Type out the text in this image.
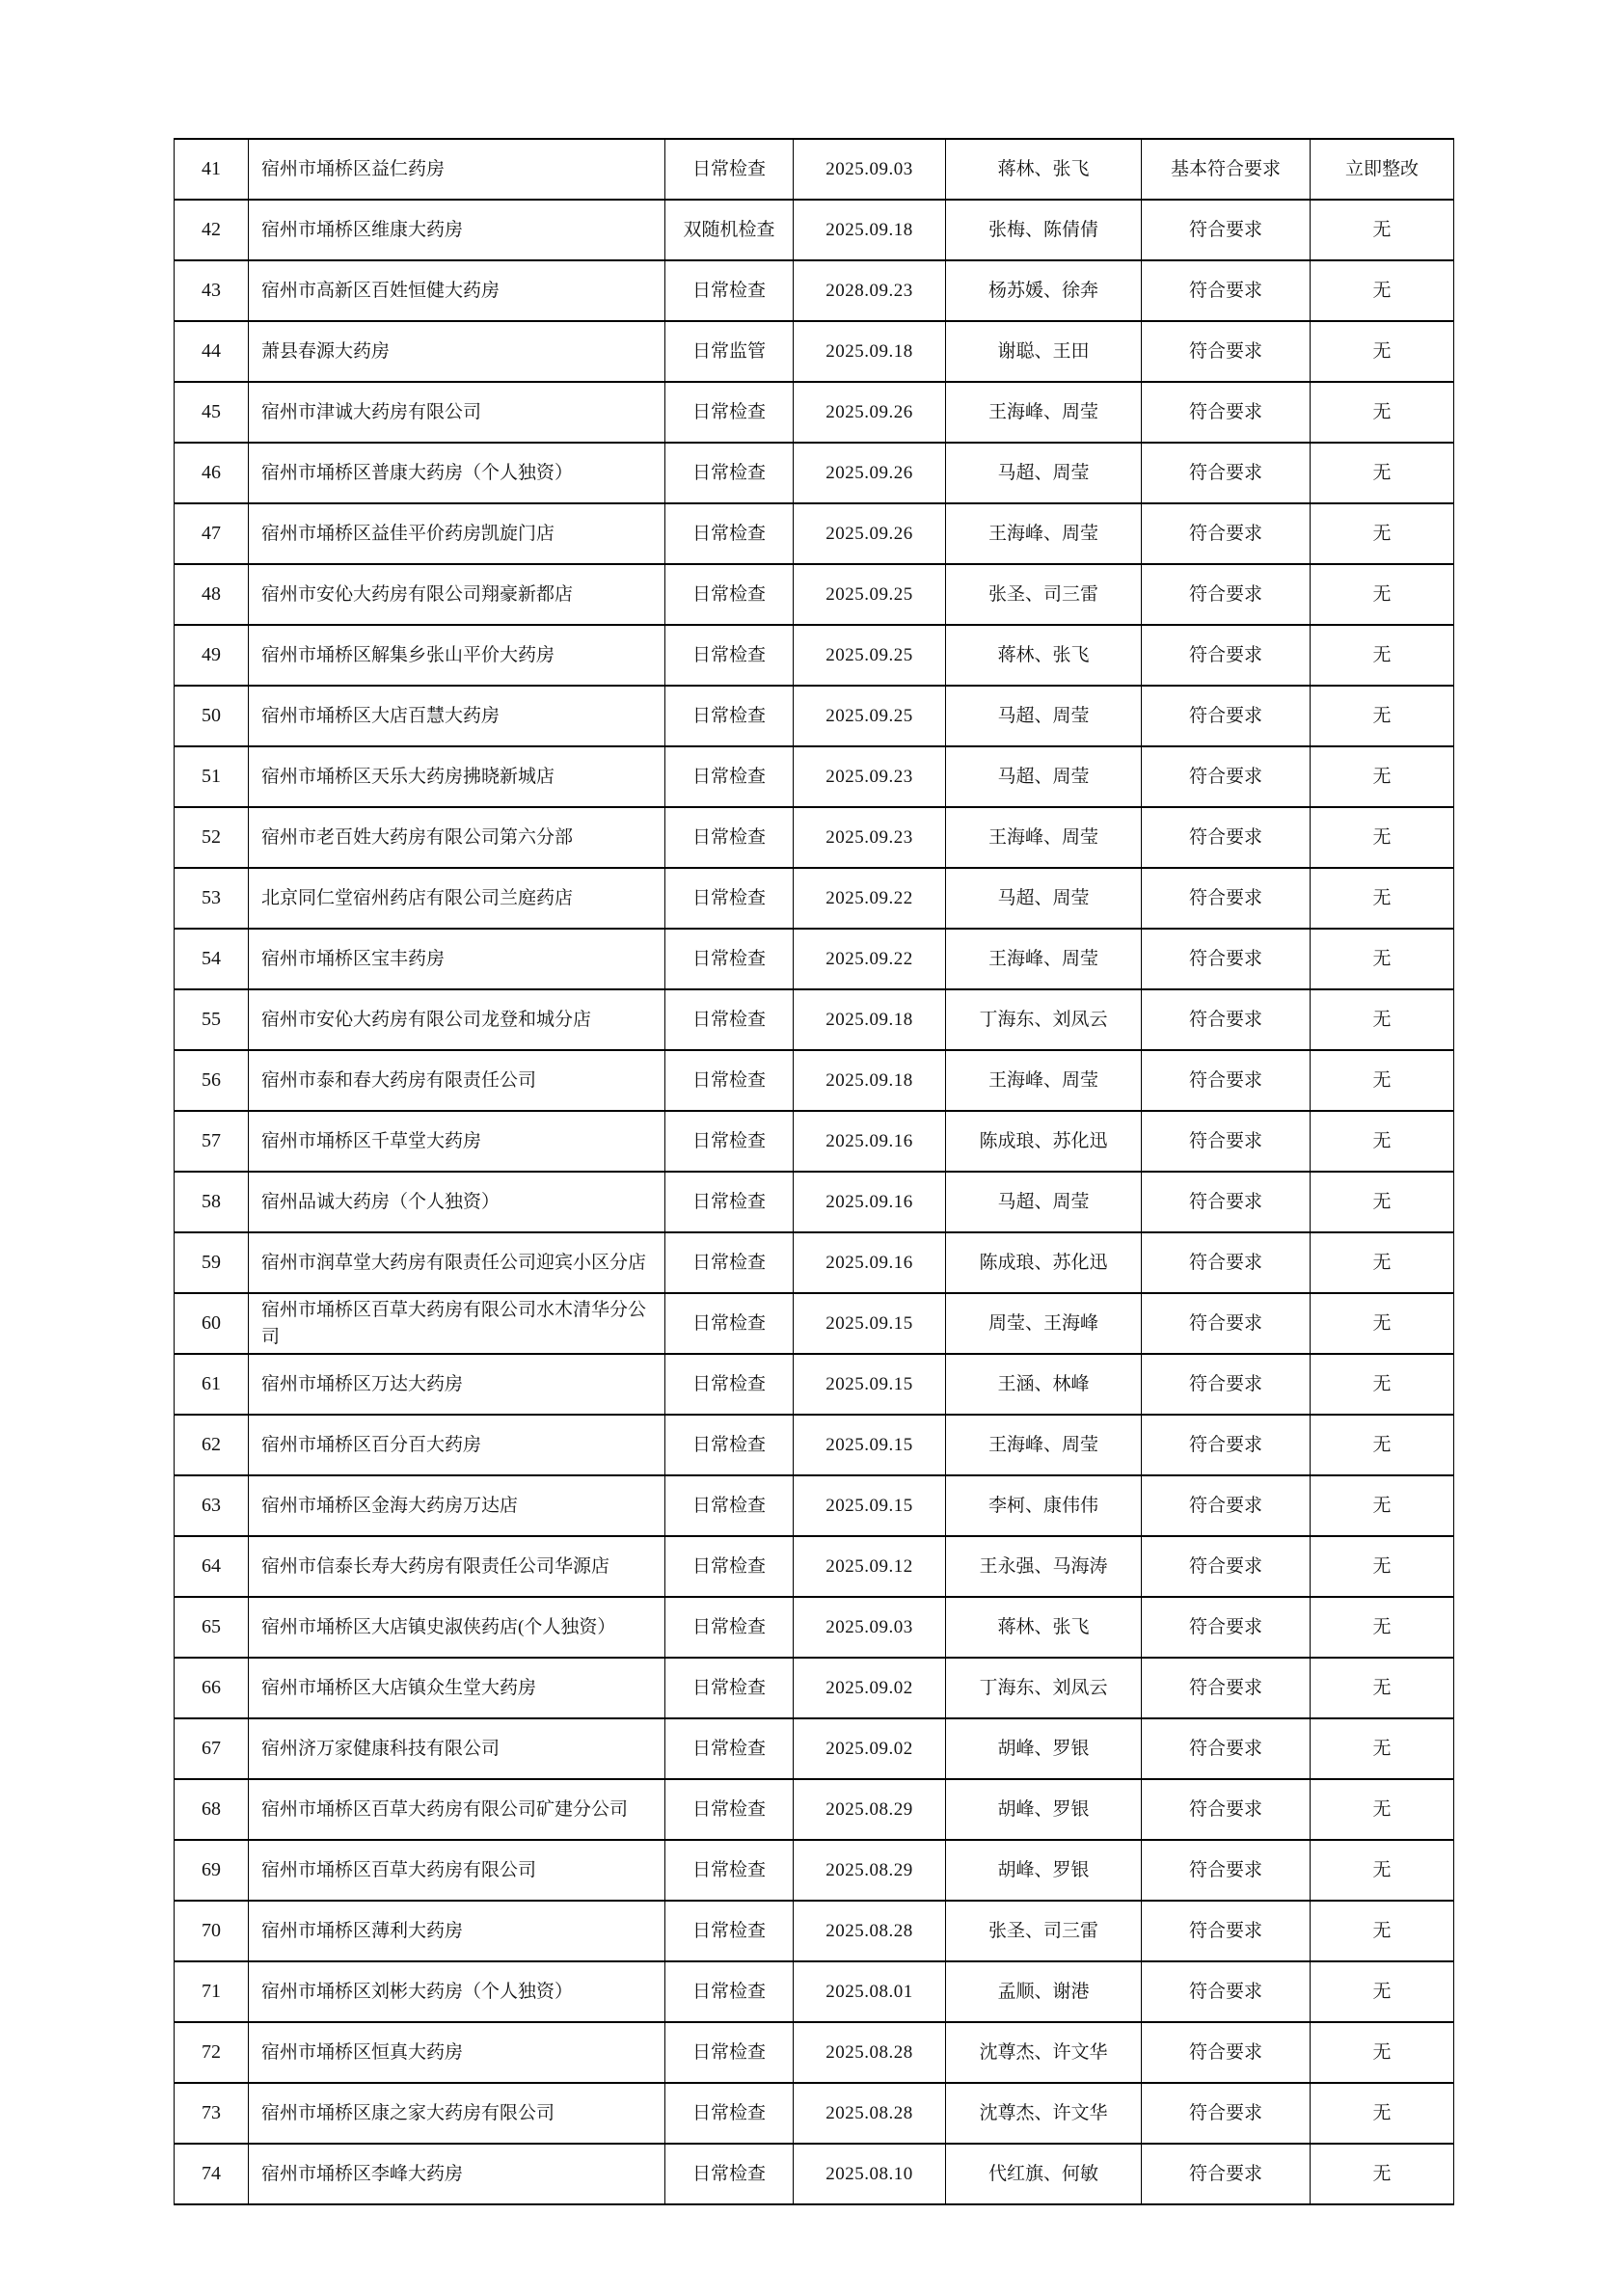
41	宿州市埇桥区益仁药房	日常检查	2025.09.03	蒋林、张飞	基本符合要求	立即整改
42	宿州市埇桥区维康大药房	双随机检查	2025.09.18	张梅、陈倩倩	符合要求	无
43	宿州市高新区百姓恒健大药房	日常检查	2028.09.23	杨苏媛、徐奔	符合要求	无
44	萧县春源大药房	日常监管	2025.09.18	谢聪、王田	符合要求	无
45	宿州市津诚大药房有限公司	日常检查	2025.09.26	王海峰、周莹	符合要求	无
46	宿州市埇桥区普康大药房（个人独资）	日常检查	2025.09.26	马超、周莹	符合要求	无
47	宿州市埇桥区益佳平价药房凯旋门店	日常检查	2025.09.26	王海峰、周莹	符合要求	无
48	宿州市安伈大药房有限公司翔豪新都店	日常检查	2025.09.25	张圣、司三雷	符合要求	无
49	宿州市埇桥区解集乡张山平价大药房	日常检查	2025.09.25	蒋林、张飞	符合要求	无
50	宿州市埇桥区大店百慧大药房	日常检查	2025.09.25	马超、周莹	符合要求	无
51	宿州市埇桥区天乐大药房拂晓新城店	日常检查	2025.09.23	马超、周莹	符合要求	无
52	宿州市老百姓大药房有限公司第六分部	日常检查	2025.09.23	王海峰、周莹	符合要求	无
53	北京同仁堂宿州药店有限公司兰庭药店	日常检查	2025.09.22	马超、周莹	符合要求	无
54	宿州市埇桥区宝丰药房	日常检查	2025.09.22	王海峰、周莹	符合要求	无
55	宿州市安伈大药房有限公司龙登和城分店	日常检查	2025.09.18	丁海东、刘凤云	符合要求	无
56	宿州市泰和春大药房有限责任公司	日常检查	2025.09.18	王海峰、周莹	符合要求	无
57	宿州市埇桥区千草堂大药房	日常检查	2025.09.16	陈成琅、苏化迅	符合要求	无
58	宿州品诚大药房（个人独资）	日常检查	2025.09.16	马超、周莹	符合要求	无
59	宿州市润草堂大药房有限责任公司迎宾小区分店	日常检查	2025.09.16	陈成琅、苏化迅	符合要求	无
60	宿州市埇桥区百草大药房有限公司水木清华分公司	日常检查	2025.09.15	周莹、王海峰	符合要求	无
61	宿州市埇桥区万达大药房	日常检查	2025.09.15	王涵、林峰	符合要求	无
62	宿州市埇桥区百分百大药房	日常检查	2025.09.15	王海峰、周莹	符合要求	无
63	宿州市埇桥区金海大药房万达店	日常检查	2025.09.15	李柯、康伟伟	符合要求	无
64	宿州市信泰长寿大药房有限责任公司华源店	日常检查	2025.09.12	王永强、马海涛	符合要求	无
65	宿州市埇桥区大店镇史淑侠药店(个人独资）	日常检查	2025.09.03	蒋林、张飞	符合要求	无
66	宿州市埇桥区大店镇众生堂大药房	日常检查	2025.09.02	丁海东、刘凤云	符合要求	无
67	宿州济万家健康科技有限公司	日常检查	2025.09.02	胡峰、罗银	符合要求	无
68	宿州市埇桥区百草大药房有限公司矿建分公司	日常检查	2025.08.29	胡峰、罗银	符合要求	无
69	宿州市埇桥区百草大药房有限公司	日常检查	2025.08.29	胡峰、罗银	符合要求	无
70	宿州市埇桥区薄利大药房	日常检查	2025.08.28	张圣、司三雷	符合要求	无
71	宿州市埇桥区刘彬大药房（个人独资）	日常检查	2025.08.01	孟顺、谢港	符合要求	无
72	宿州市埇桥区恒真大药房	日常检查	2025.08.28	沈尊杰、许文华	符合要求	无
73	宿州市埇桥区康之家大药房有限公司	日常检查	2025.08.28	沈尊杰、许文华	符合要求	无
74	宿州市埇桥区李峰大药房	日常检查	2025.08.10	代红旗、何敏	符合要求	无
